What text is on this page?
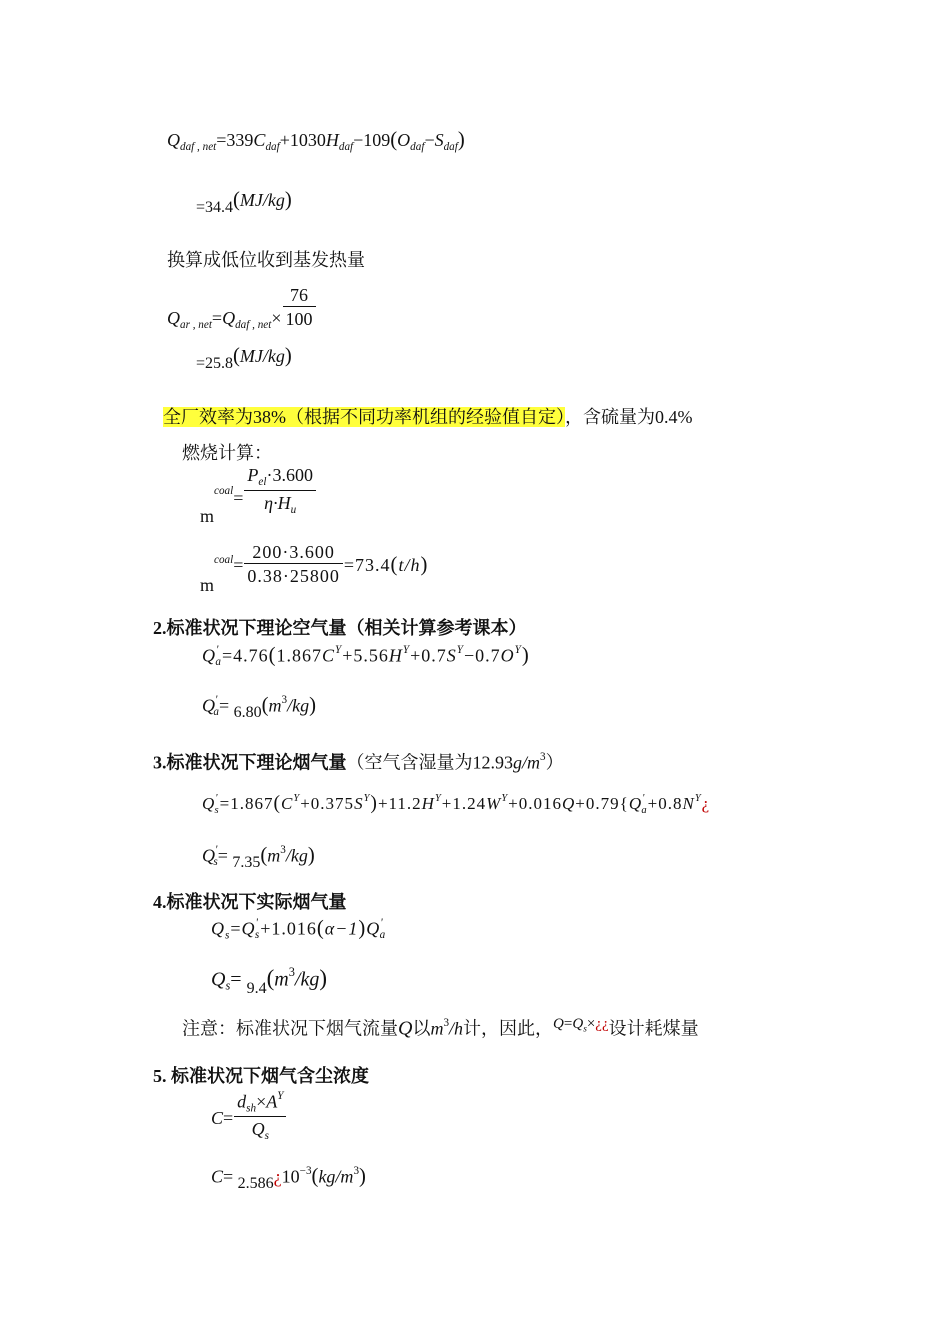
$Q_{daf , net}=339C_{daf}+1030H_{daf}-109(O_{daf}-S_{daf})$
=34.4(MJ/kg)
换算成低位收到基发热量
$Q_{ar , net}=Q_{daf , net}\times \frac{76}{100}$
=25.8(MJ/kg)
全厂效率为38%（根据不同功率机组的经验值自定），含硫量为0.4%
燃烧计算：
$m^{coal}= \frac{P_{el}\cdot 3.600}{\eta\cdot H_u}$
$m^{coal}= \frac{200\cdot 3.600}{0.38\cdot 25800} =73.4(t/h)$
2.标准状况下理论空气量（相关计算参考课本）
$Q'_a=4.76(1.867C^Y+5.56H^Y+0.7S^Y-0.7O^Y)$
$Q'_a= 6.80(m^3/kg)$
3.标准状况下理论烟气量（空气含湿量为$12.93g/m^3$）
$Q'_s=1.867(C^Y+0.375S^Y)+11.2H^Y+1.24W^Y+0.016Q+0.79\{Q'_a+0.8N^Y¿$
$Q'_s= 7.35(m^3/kg)$
4.标准状况下实际烟气量
$Q_s=Q'_s+1.016(\alpha-1)Q'_a$
$Q_s= _{9.4}(m^3/kg)$
注意：标准状况下烟气流量Q以$m^3/h$计，因此，$^{Q=Q_s\times¿¿}$设计耗煤量
5. 标准状况下烟气含尘浓度
$C= \frac{d_{sh}\times A^Y}{Q_s}$
$C= 2.586¿10^{-3}(kg/m^3)$
